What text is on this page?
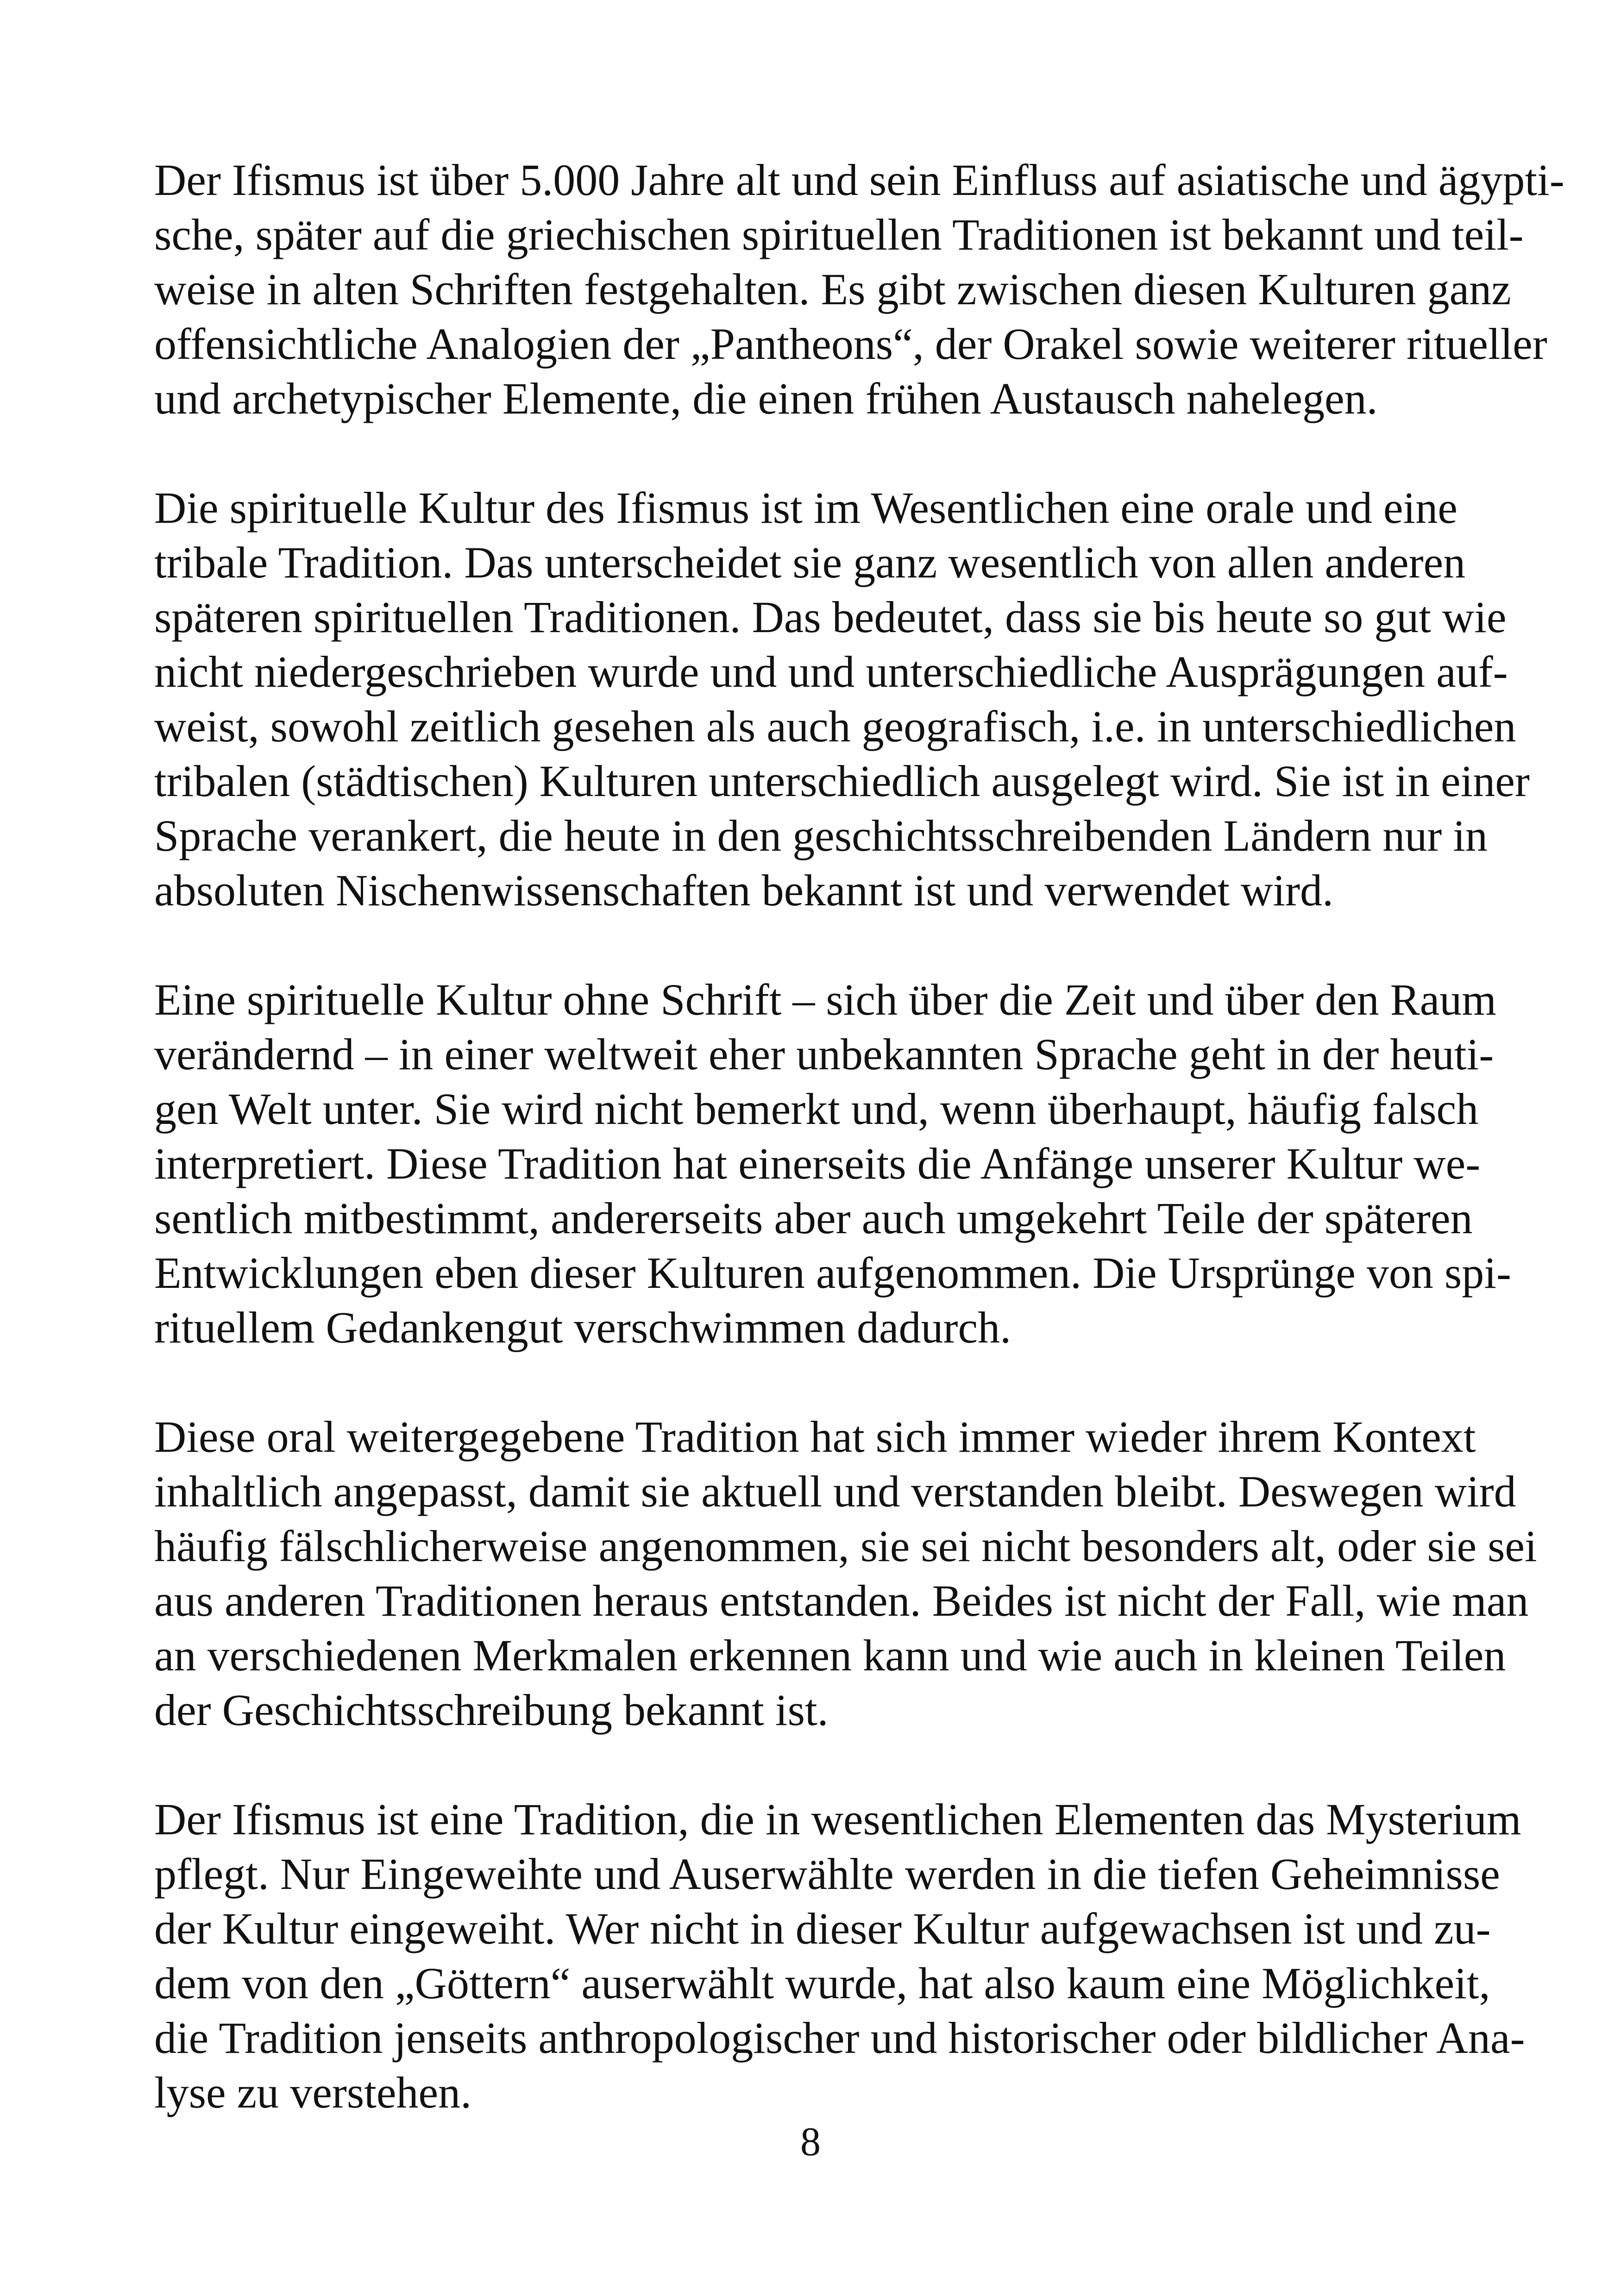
Der Ifismus ist über 5.000 Jahre alt und sein Einfluss auf asiatische und ägypti-
sche, später auf die griechischen spirituellen Traditionen ist bekannt und teil-
weise in alten Schriften festgehalten. Es gibt zwischen diesen Kulturen ganz
offensichtliche Analogien der „Pantheons“, der Orakel sowie weiterer ritueller
und archetypischer Elemente, die einen frühen Austausch nahelegen.

Die spirituelle Kultur des Ifismus ist im Wesentlichen eine orale und eine
tribale Tradition. Das unterscheidet sie ganz wesentlich von allen anderen
späteren spirituellen Traditionen. Das bedeutet, dass sie bis heute so gut wie
nicht niedergeschrieben wurde und und unterschiedliche Ausprägungen auf-
weist, sowohl zeitlich gesehen als auch geografisch, i.e. in unterschiedlichen
tribalen (städtischen) Kulturen unterschiedlich ausgelegt wird. Sie ist in einer
Sprache verankert, die heute in den geschichtsschreibenden Ländern nur in
absoluten Nischenwissenschaften bekannt ist und verwendet wird.

Eine spirituelle Kultur ohne Schrift – sich über die Zeit und über den Raum
verändernd – in einer weltweit eher unbekannten Sprache geht in der heuti-
gen Welt unter. Sie wird nicht bemerkt und, wenn überhaupt, häufig falsch
interpretiert. Diese Tradition hat einerseits die Anfänge unserer Kultur we-
sentlich mitbestimmt, andererseits aber auch umgekehrt Teile der späteren
Entwicklungen eben dieser Kulturen aufgenommen. Die Ursprünge von spi-
rituellem Gedankengut verschwimmen dadurch.

Diese oral weitergegebene Tradition hat sich immer wieder ihrem Kontext
inhaltlich angepasst, damit sie aktuell und verstanden bleibt. Deswegen wird
häufig fälschlicherweise angenommen, sie sei nicht besonders alt, oder sie sei
aus anderen Traditionen heraus entstanden. Beides ist nicht der Fall, wie man
an verschiedenen Merkmalen erkennen kann und wie auch in kleinen Teilen
der Geschichtsschreibung bekannt ist.

Der Ifismus ist eine Tradition, die in wesentlichen Elementen das Mysterium
pflegt. Nur Eingeweihte und Auserwählte werden in die tiefen Geheimnisse
der Kultur eingeweiht. Wer nicht in dieser Kultur aufgewachsen ist und zu-
dem von den „Göttern“ auserwählt wurde, hat also kaum eine Möglichkeit,
die Tradition jenseits anthropologischer und historischer oder bildlicher Ana-
lyse zu verstehen.

8
